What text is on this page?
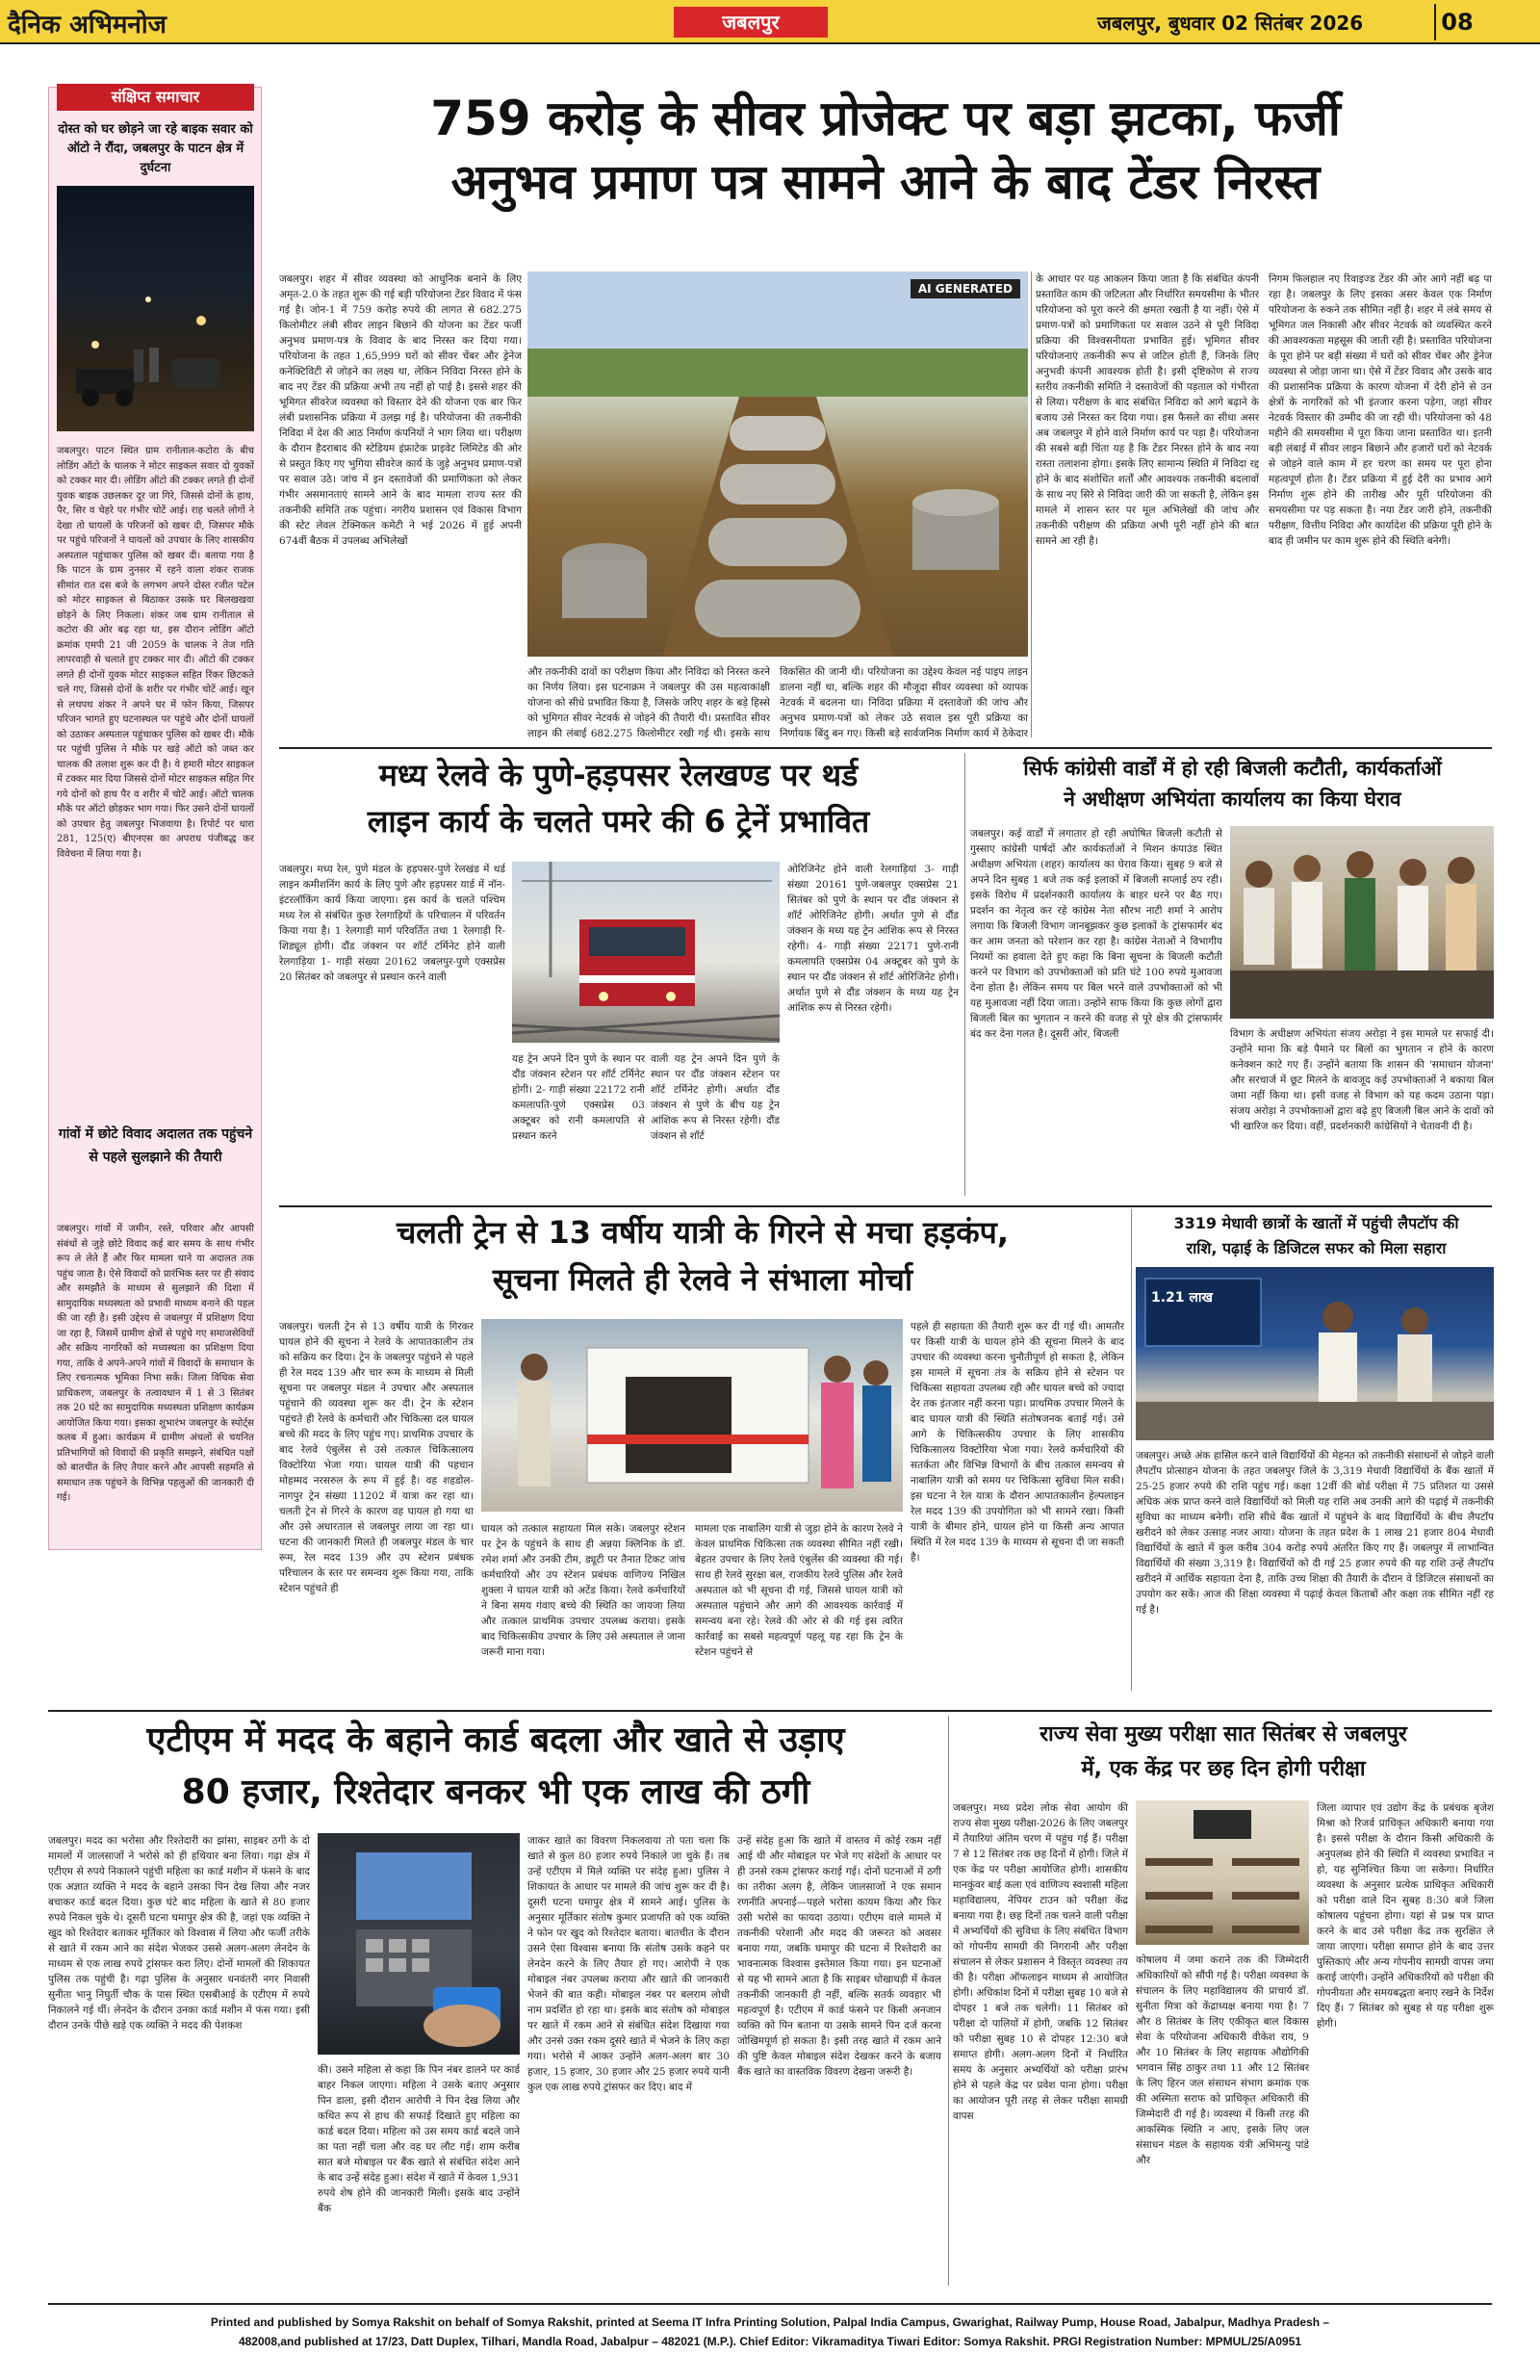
दैनिक अभिमनोज	जबलपुर	जबलपुर, बुधवार 02 सितंबर 2026	08
संक्षिप्त समाचार
दोस्त को घर छोड़ने जा रहे बाइक सवार को ऑटो ने रौंदा, जबलपुर के पाटन क्षेत्र में दुर्घटना
जबलपुर। पाटन स्थित ग्राम रानीताल-कटोरा के बीच लोडिंग ऑटो के चालक ने मोटर साइकल सवार दो युवकों को टक्कर मार दी। लोडिंग ऑटो की टक्कर लगते ही दोनों युवक बाइक उछलकर दूर जा गिरे, जिससे दोनों के हाथ, पैर, सिर व चेहरे पर गंभीर चोटें आई। राह चलते लोगों ने देखा तो घायलों के परिजनों को खबर दी, जिसपर मौके पर पहुंचे परिजनों ने घायलों को उपचार के लिए शासकीय अस्पताल पहुंचाकर पुलिस को खबर दी। बताया गया है कि पाटन के ग्राम नुनसर में रहने वाला शंकर राजक सीमांत रात दस बजे के लगभग अपने दोस्त रजीत पटेल को मोटर साइकल से बिठाकर उसके घर बिलखखवा छोड़ने के लिए निकला। शंकर जब ग्राम रानीताल से कटोरा की ओर बढ़ रहा था, इस दौरान लोडिंग ऑटो क्रमांक एमपी 21 जी 2059 के चालक ने तेज गति लापरवाही से चलाते हुए टक्कर मार दी। ऑटो की टक्कर लगते ही दोनों युवक मोटर साइकल सहित रिंकर छिटकते चले गए, जिससे दोनों के शरीर पर गंभीर चोटें आई। खून से लथपथ शंकर ने अपने घर में फोन किया, जिसपर परिजन भागते हुए घटनास्थल पर पहुंचे और दोनों घायलों को उठाकर अस्पताल पहुंचाकर पुलिस को खबर दी। मौके पर पहुंची पुलिस ने मौके पर खड़े ऑटो को जब्त कर चालक की तलाश शुरू कर दी है। ये हमारी मोटर साइकल में टक्कर मार दिया जिससे दोनों मोटर साइकल सहित गिर गये दोनों को हाथ पैर व शरीर में चोटें आई। ऑटो चालक मौके पर ऑटो छोड़कर भाग गया। फिर उसने दोनों घायलों को उपचार हेतु जबलपुर भिजवाया है। रिपोर्ट पर धारा 281, 125(ए) बीएनएस का अपराध पंजीबद्ध कर विवेचना में लिया गया है।
गांवों में छोटे विवाद अदालत तक पहुंचने से पहले सुलझाने की तैयारी
जबलपुर। गांवों में जमीन, रस्ते, परिवार और आपसी संबंधों से जुड़े छोटे विवाद कई बार समय के साथ गंभीर रूप ले लेते हैं और फिर मामला थाने या अदालत तक पहुंच जाता है। ऐसे विवादों को प्रारंभिक स्तर पर ही संवाद और समझौते के माध्यम से सुलझाने की दिशा में सामुदायिक मध्यस्थता को प्रभावी माध्यम बनाने की पहल की जा रही है। इसी उद्देश्य से जबलपुर में प्रशिक्षण दिया जा रहा है, जिसमें ग्रामीण क्षेत्रों से पहुंचे गए समाजसेवियों और सक्रिय नागरिकों को मध्यस्थता का प्रशिक्षण दिया गया, ताकि वे अपने-अपने गांवों में विवादों के समाधान के लिए रचनात्मक भूमिका निभा सकें। जिला विधिक सेवा प्राधिकरण, जबलपुर के तत्वावधान में 1 से 3 सितंबर तक 20 घंटे का सामुदायिक मध्यस्थता प्रशिक्षण कार्यक्रम आयोजित किया गया। इसका शुभारंभ जबलपुर के स्पोर्ट्स कलब में हुआ। कार्यक्रम में ग्रामीण अंचलों से चयनित प्रतिभागियों को विवादों की प्रकृति समझने, संबंधित पक्षों को बातचीत के लिए तैयार करने और आपसी सहमति से समाधान तक पहुंचने के विभिन्न पहलुओं की जानकारी दी गई।
759 करोड़ के सीवर प्रोजेक्ट पर बड़ा झटका, फर्जी
अनुभव प्रमाण पत्र सामने आने के बाद टेंडर निरस्त
जबलपुर। शहर में सीवर व्यवस्था को आधुनिक बनाने के लिए अमृत-2.0 के तहत शुरू की गई बड़ी परियोजना टेंडर विवाद में फंस गई है। जोन-1 में 759 करोड़ रुपये की लागत से 682.275 किलोमीटर लंबी सीवर लाइन बिछाने की योजना का टेंडर फर्जी अनुभव प्रमाण-पत्र के विवाद के बाद निरस्त कर दिया गया। परियोजना के तहत 1,65,999 घरों को सीवर चेंबर और ड्रेनेज कनेक्टिविटी से जोड़ने का लक्ष्य था, लेकिन निविदा निरस्त होने के बाद नए टेंडर की प्रक्रिया अभी तय नहीं हो पाई है। इससे शहर की भूमिगत सीवरेज व्यवस्था को विस्तार देने की योजना एक बार फिर लंबी प्रशासनिक प्रक्रिया में उलझ गई है। परियोजना की तकनीकी निविदा में देश की आठ निर्माण कंपनियों ने भाग लिया था। परीक्षण के दौरान हैदराबाद की स्टेडियम इंफ्राटेक प्राइवेट लिमिटेड की ओर से प्रस्तुत किए गए भुगिया सीवरेज कार्य के जुड़े अनुभव प्रमाण-पत्रों पर सवाल उठे। जांच में इन दस्तावेजों की प्रमाणिकता को लेकर गंभीर असमानताएं सामने आने के बाद मामला राज्य स्तर की तकनीकी समिति तक पहुंचा। नगरीय प्रशासन एवं विकास विभाग की स्टेट लेवल टेक्निकल कमेटी ने भई 2026 में हुई अपनी 674वीं बैठक में उपलब्ध अभिलेखों
AI GENERATED
और तकनीकी दावों का परीक्षण किया और निविदा को निरस्त करने का निर्णय लिया। इस घटनाक्रम ने जबलपुर की उस महत्वाकांक्षी योजना को सीधे प्रभावित किया है, जिसके जरिए शहर के बड़े हिस्से को भूमिगत सीवर नेटवर्क से जोड़ने की तैयारी थी। प्रस्तावित सीवर लाइन की लंबाई 682.275 किलोमीटर रखी गई थी। इसके साथ
विकसित की जानी थी। परियोजना का उद्देश्य केवल नई पाइप लाइन डालना नहीं था, बल्कि शहर की मौजूदा सीवर व्यवस्था को व्यापक नेटवर्क में बदलना था। निविदा प्रक्रिया में दस्तावेजों की जांच और अनुभव प्रमाण-पत्रों को लेकर उठे सवाल इस पूरी प्रक्रिया का निर्णायक बिंदु बन गए। किसी बड़े सार्वजनिक निर्माण कार्य में ठेकेदार
के आधार पर यह आकलन किया जाता है कि संबंधित कंपनी प्रस्तावित काम की जटिलता और निर्धारित समयसीमा के भीतर परियोजना को पूरा करने की क्षमता रखती है या नहीं। ऐसे में प्रमाण-पत्रों को प्रमाणिकता पर सवाल उठने से पूरी निविदा प्रक्रिया की विश्वसनीयता प्रभावित हुई। भूमिगत सीवर परियोजनाएं तकनीकी रूप से जटिल होती हैं, जिनके लिए अनुभवी कंपनी आवश्यक होती है। इसी दृष्टिकोण से राज्य स्तरीय तकनीकी समिति ने दस्तावेजों की पड़ताल को गंभीरता से लिया। परीक्षण के बाद संबंधित निविदा को आगे बढ़ाने के बजाय उसे निरस्त कर दिया गया। इस फैसले का सीधा असर अब जबलपुर में होने वाले निर्माण कार्य पर पड़ा है। परियोजना की सबसे बड़ी चिंता यह है कि टेंडर निरस्त होने के बाद नया रास्ता तलाशना होगा। इसके लिए सामान्य स्थिति में निविदा रद्द होने के बाद संशोधित शर्तों और आवश्यक तकनीकी बदलावों के साथ नए सिरे से निविदा जारी की जा सकती है, लेकिन इस मामले में शासन स्तर पर मूल अभिलेखों की जांच और तकनीकी परीक्षण की प्रक्रिया अभी पूरी नहीं होने की बात सामने आ रही है।
निगम फिलहाल नए रिवाइज्ड टेंडर की ओर आगे नहीं बढ़ पा रहा है। जबलपुर के लिए इसका असर केवल एक निर्माण परियोजना के रुकने तक सीमित नहीं है। शहर में लंबे समय से भूमिगत जल निकासी और सीवर नेटवर्क को व्यवस्थित करने की आवश्यकता महसूस की जाती रही है। प्रस्तावित परियोजना के पूरा होने पर बड़ी संख्या में घरों को सीवर चेंबर और ड्रेनेज व्यवस्था से जोड़ा जाना था। ऐसे में टेंडर विवाद और उसके बाद की प्रशासनिक प्रक्रिया के कारण योजना में देरी होने से उन क्षेत्रों के नागरिकों को भी इंतजार करना पड़ेगा, जहां सीवर नेटवर्क विस्तार की उम्मीद की जा रही थी। परियोजना को 48 महीने की समयसीमा में पूरा किया जाना प्रस्तावित था। इतनी बड़ी लंबाई में सीवर लाइन बिछाने और हजारों घरों को नेटवर्क से जोड़ने वाले काम में हर चरण का समय पर पूरा होना महत्वपूर्ण होता है। टेंडर प्रक्रिया में हुई देरी का प्रभाव आगे निर्माण शुरू होने की तारीख और पूरी परियोजना की समयसीमा पर पड़ सकता है। नया टेंडर जारी होने, तकनीकी परीक्षण, वित्तीय निविदा और कार्यादेश की प्रक्रिया पूरी होने के बाद ही जमीन पर काम शुरू होने की स्थिति बनेगी।
मध्य रेलवे के पुणे-हड़पसर रेलखण्ड पर थर्ड
लाइन कार्य के चलते पमरे की 6 ट्रेनें प्रभावित
जबलपुर। मध्य रेल, पुणे मंडल के हड़पसर-पुणे रेलखंड में थर्ड लाइन कमीशनिंग कार्य के लिए पुणे और हड़पसर यार्ड में नॉन-इंटरलॉकिंग कार्य किया जाएगा। इस कार्य के चलते पश्चिम मध्य रेल से संबंधित कुछ रेलगाड़ियों के परिचालन में परिवर्तन किया गया है। 1 रेलगाड़ी मार्ग परिवर्तित तथा 1 रेलगाड़ी रि-शिड्यूल होगी। दौंड जंक्शन पर शॉर्ट टर्मिनेट होने वाली रेलगाड़िया 1- गाड़ी संख्या 20162 जबलपुर-पुणे एक्सप्रेस 20 सितंबर को जबलपुर से प्रस्थान करने वाली
यह ट्रेन अपने दिन पुणे के स्थान पर दौंड जंक्शन स्टेशन पर शॉर्ट टर्मिनेट होगी। 2- गाड़ी संख्या 22172 रानी कमलापति-पुणे एक्सप्रेस 03 अक्टूबर को रानी कमलापति से प्रस्थान करने
वाली यह ट्रेन अपने दिन पुणे के स्थान पर दौंड जंक्शन स्टेशन पर शॉर्ट टर्मिनेट होगी। अर्थात दौंड जंक्शन से पुणे के बीच यह ट्रेन आंशिक रूप से निरस्त रहेगी। दौंड जंक्शन से शॉर्ट
ओरिजिनेट होने वाली रेलगाड़ियां 3- गाड़ी संख्या 20161 पुणे-जबलपुर एक्सप्रेस 21 सितंबर को पुणे के स्थान पर दौंड जंक्शन से शॉर्ट ओरिजिनेट होगी। अर्थात पुणे से दौंड जंक्शन के मध्य यह ट्रेन आंशिक रूप से निरस्त रहेगी। 4- गाड़ी संख्या 22171 पुणे-रानी कमलापति एक्सप्रेस 04 अक्टूबर को पुणे के स्थान पर दौंड जंक्शन से शॉर्ट ओरिजिनेट होगी। अर्थात पुणे से दौंड जंक्शन के मध्य यह ट्रेन आंशिक रूप से निरस्त रहेगी।
सिर्फ कांग्रेसी वार्डों में हो रही बिजली कटौती, कार्यकर्ताओं
ने अधीक्षण अभियंता कार्यालय का किया घेराव
जबलपुर। कई वार्डों में लगातार हो रही अघोषित बिजली कटौती से गुस्साए कांग्रेसी पार्षदों और कार्यकर्ताओं ने मिशन कंपाउंड स्थित अधीक्षण अभियंता (शहर) कार्यालय का घेराव किया। सुबह 9 बजे से अपने दिन सुबह 1 बजे तक कई इलाकों में बिजली सप्लाई ठप रही। इसके विरोध में प्रदर्शनकारी कार्यालय के बाहर धरने पर बैठ गए। प्रदर्शन का नेतृत्व कर रहे कांग्रेस नेता सौरभ नाटी शर्मा ने आरोप लगाया कि बिजली विभाग जानबूझकर कुछ इलाकों के ट्रांसफार्मर बंद कर आम जनता को परेशान कर रहा है। कांग्रेस नेताओं ने विभागीय नियमों का हवाला देते हुए कहा कि बिना सूचना के बिजली कटौती करने पर विभाग को उपभोक्ताओं को प्रति घंटे 100 रुपये मुआवजा देना होता है। लेकिन समय पर बिल भरने वाले उपभोक्ताओं को भी यह मुआवजा नहीं दिया जाता। उन्होंने साफ किया कि कुछ लोगों द्वारा बिजली बिल का भुगतान न करने की वजह से पूरे क्षेत्र की ट्रांसफार्मर बंद कर देना गलत है। दूसरी ओर, बिजली	विभाग के अधीक्षण अभियंता संजय अरोड़ा ने इस मामले पर सफाई दी। उन्होंने माना कि बड़े पैमाने पर बिलों का भुगतान न होने के कारण कनेक्शन काटे गए हैं। उन्होंने बताया कि शासन की 'समाधान योजना' और सरचार्ज में छूट मिलने के बावजूद कई उपभोक्ताओं ने बकाया बिल जमा नहीं किया था। इसी वजह से विभाग को यह कदम उठाना पड़ा। संजय अरोड़ा ने उपभोक्ताओं द्वारा बढ़े हुए बिजली बिल आने के दावों को भी खारिज कर दिया। वहीं, प्रदर्शनकारी कांग्रेसियों ने चेतावनी दी है।
चलती ट्रेन से 13 वर्षीय यात्री के गिरने से मचा हड़कंप,
सूचना मिलते ही रेलवे ने संभाला मोर्चा
जबलपुर। चलती ट्रेन से 13 वर्षीय यात्री के गिरकर घायल होने की सूचना ने रेलवे के आपातकालीन तंत्र को सक्रिय कर दिया। ट्रेन के जबलपुर पहुंचने से पहले ही रेल मदद 139 और चार रूम के माध्यम से मिली सूचना पर जबलपुर मंडल ने उपचार और अस्पताल पहुंचाने की व्यवस्था शुरू कर दी। ट्रेन के स्टेशन पहुंचते ही रेलवे के कर्मचारी और चिकित्सा दल घायल बच्चे की मदद के लिए पहुंच गए। प्राथमिक उपचार के बाद रेलवे एंबुलेंस से उसे तत्काल चिकित्सालय विक्टोरिया भेजा गया। घायल यात्री की पहचान मोहम्मद नरसरुल के रूप में हुई है। वह शहडोल-नागपुर ट्रेन संख्या 11202 में यात्रा कर रहा था। चलती ट्रेन से गिरने के कारण वह घायल हो गया था और उसे अधारताल से जबलपुर लाया जा रहा था। घटना की जानकारी मिलते ही जबलपुर मंडल के चार रूम, रेल मदद 139 और उप स्टेशन प्रबंधक परिचालन के स्तर पर समन्वय शुरू किया गया, ताकि स्टेशन पहुंचते ही
घायल को तत्काल सहायता मिल सके। जबलपुर स्टेशन पर ट्रेन के पहुंचने के साथ ही अन्नया क्लिनिक के डॉ. रमेश शर्मा और उनकी टीम, ड्यूटी पर तैनात टिकट जांच कर्मचारियों और उप स्टेशन प्रबंधक वाणिज्य निखिल शुक्ला ने घायल यात्री को अटेंड किया। रेलवे कर्मचारियों ने बिना समय गंवाए बच्चे की स्थिति का जायजा लिया और तत्काल प्राथमिक उपचार उपलब्ध कराया। इसके बाद चिकित्सकीय उपचार के लिए उसे अस्पताल ले जाना जरूरी माना गया।
मामला एक नाबालिग यात्री से जुड़ा होने के कारण रेलवे ने केवल प्राथमिक चिकित्सा तक व्यवस्था सीमित नहीं रखी। बेहतर उपचार के लिए रेलवे एंबुलेंस की व्यवस्था की गई। साथ ही रेलवे सुरक्षा बल, राजकीय रेलवे पुलिस और रेलवे अस्पताल को भी सूचना दी गई, जिससे घायल यात्री को अस्पताल पहुंचाने और आगे की आवश्यक कार्रवाई में समन्वय बना रहे। रेलवे की ओर से की गई इस त्वरित कार्रवाई का सबसे महत्वपूर्ण पहलू यह रहा कि ट्रेन के स्टेशन पहुंचने से
पहले ही सहायता की तैयारी शुरू कर दी गई थी। आमतौर पर किसी यात्री के घायल होने की सूचना मिलने के बाद उपचार की व्यवस्था करना चुनौतीपूर्ण हो सकता है, लेकिन इस मामले में सूचना तंत्र के सक्रिय होने से स्टेशन पर चिकित्सा सहायता उपलब्ध रही और घायल बच्चे को ज्यादा देर तक इंतजार नहीं करना पड़ा। प्राथमिक उपचार मिलने के बाद घायल यात्री की स्थिति संतोषजनक बताई गई। उसे आगे के चिकित्सकीय उपचार के लिए शासकीय चिकित्सालय विक्टोरिया भेजा गया। रेलवे कर्मचारियों की सतर्कता और विभिन्न विभागों के बीच तत्काल समन्वय से नाबालिग यात्री को समय पर चिकित्सा सुविधा मिल सकी। इस घटना ने रेल यात्रा के दौरान आपातकालीन हेल्पलाइन रेल मदद 139 की उपयोगिता को भी सामने रखा। किसी यात्री के बीमार होने, घायल होने या किसी अन्य आपात स्थिति में रेल मदद 139 के माध्यम से सूचना दी जा सकती है।
3319 मेधावी छात्रों के खातों में पहुंची लैपटॉप की
राशि, पढ़ाई के डिजिटल सफर को मिला सहारा
1.21 लाख
जबलपुर। अच्छे अंक हासिल करने वाले विद्यार्थियों की मेहनत को तकनीकी संसाधनों से जोड़ने वाली लैपटॉप प्रोत्साहन योजना के तहत जबलपुर जिले के 3,319 मेधावी विद्यार्थियों के बैंक खातों में 25-25 हजार रुपये की राशि पहुंच गई। कक्षा 12वीं की बोर्ड परीक्षा में 75 प्रतिशत या उससे अधिक अंक प्राप्त करने वाले विद्यार्थियों को मिली यह राशि अब उनकी आगे की पढ़ाई में तकनीकी सुविधा का माध्यम बनेगी। राशि सीधे बैंक खातों में पहुंचने के बाद विद्यार्थियों के बीच लैपटॉप खरीदने को लेकर उत्साह नजर आया। योजना के तहत प्रदेश के 1 लाख 21 हजार 804 मेधावी विद्यार्थियों के खाते में कुल करीब 304 करोड़ रुपये अंतरित किए गए हैं। जबलपुर में लाभान्वित विद्यार्थियों की संख्या 3,319 है। विद्यार्थियों को दी गई 25 हजार रुपये की यह राशि उन्हें लैपटॉप खरीदने में आर्थिक सहायता देना है, ताकि उच्च शिक्षा की तैयारी के दौरान वे डिजिटल संसाधनों का उपयोग कर सकें। आज की शिक्षा व्यवस्था में पढ़ाई केवल किताबों और कक्षा तक सीमित नहीं रह गई है।
एटीएम में मदद के बहाने कार्ड बदला और खाते से उड़ाए
80 हजार, रिश्तेदार बनकर भी एक लाख की ठगी
जबलपुर। मदद का भरोसा और रिश्तेदारी का झांसा, साइबर ठगी के दो मामलों में जालसाजों ने भरोसे को ही हथियार बना लिया। गढ़ा क्षेत्र में एटीएम से रुपये निकालने पहुंची महिला का कार्ड मशीन में फंसने के बाद एक अज्ञात व्यक्ति ने मदद के बहाने उसका पिन देख लिया और नजर बचाकर कार्ड बदल दिया। कुछ घंटे बाद महिला के खाते से 80 हजार रुपये निकल चुके थे। दूसरी घटना घमापुर क्षेत्र की है, जहां एक व्यक्ति ने खुद को रिश्तेदार बताकर मूर्तिकार को विश्वास में लिया और फर्जी तरीके से खाते में रकम आने का संदेश भेजकर उससे अलग-अलग लेनदेन के माध्यम से एक लाख रुपये ट्रांसफर करा लिए। दोनों मामलों की शिकायत पुलिस तक पहुंची है। गढ़ा पुलिस के अनुसार धनवंतरी नगर निवासी सुनीता भानु निघुर्ती चौक के पास स्थित एसबीआई के एटीएम में रुपये निकालने गई थीं। लेनदेन के दौरान उनका कार्ड मशीन में फंस गया। इसी दौरान उनके पीछे खड़े एक व्यक्ति ने मदद की पेशकश
की। उसने महिला से कहा कि पिन नंबर डालने पर कार्ड बाहर निकल जाएगा। महिला ने उसके बताए अनुसार पिन डाला, इसी दौरान आरोपी ने पिन देख लिया और कथित रूप से हाथ की सफाई दिखाते हुए महिला का कार्ड बदल दिया। महिला को उस समय कार्ड बदले जाने का पता नहीं चला और वह घर लौट गई। शाम करीब सात बजे मोबाइल पर बैंक खाते से संबंधित संदेश आने के बाद उन्हें संदेह हुआ। संदेश में खाते में केवल 1,931 रुपये शेष होने की जानकारी मिली। इसके बाद उन्होंने बैंक
जाकर खाते का विवरण निकलवाया तो पता चला कि खाते से कुल 80 हजार रुपये निकाले जा चुके हैं। तब उन्हें एटीएम में मिले व्यक्ति पर संदेह हुआ। पुलिस ने शिकायत के आधार पर मामले की जांच शुरू कर दी है। दूसरी घटना घमापुर क्षेत्र में सामने आई। पुलिस के अनुसार मूर्तिकार संतोष कुमार प्रजापति को एक व्यक्ति ने फोन पर खुद को रिश्तेदार बताया। बातचीत के दौरान उसने ऐसा विश्वास बनाया कि संतोष उसके कहने पर लेनदेन करने के लिए तैयार हो गए। आरोपी ने एक मोबाइल नंबर उपलब्ध कराया और खाते की जानकारी भेजने की बात कही। मोबाइल नंबर पर बलराम लोधी नाम प्रदर्शित हो रहा था। इसके बाद संतोष को मोबाइल पर खाते में रकम आने से संबंधित संदेश दिखाया गया और उनसे उक्त रकम दूसरे खाते में भेजने के लिए कहा गया। भरोसे में आकर उन्होंने अलग-अलग बार 30 हजार, 15 हजार, 30 हजार और 25 हजार रुपये यानी कुल एक लाख रुपये ट्रांसफर कर दिए। बाद में
उन्हें संदेह हुआ कि खाते में वास्तव में कोई रकम नहीं आई थी और मोबाइल पर भेजे गए संदेशों के आधार पर ही उनसे रकम ट्रांसफर कराई गई। दोनों घटनाओं में ठगी का तरीका अलग है, लेकिन जालसाजों ने एक समान रणनीति अपनाई—पहले भरोसा कायम किया और फिर उसी भरोसे का फायदा उठाया। एटीएम वाले मामले में तकनीकी परेशानी और मदद की जरूरत को अवसर बनाया गया, जबकि घमापुर की घटना में रिश्तेदारी का भावनात्मक विश्वास इस्तेमाल किया गया। इन घटनाओं से यह भी सामने आता है कि साइबर धोखाधड़ी में केवल तकनीकी जानकारी ही नहीं, बल्कि सतर्क व्यवहार भी महत्वपूर्ण है। एटीएम में कार्ड फंसने पर किसी अनजान व्यक्ति को पिन बताना या उसके सामने पिन दर्ज करना जोखिमपूर्ण हो सकता है। इसी तरह खाते में रकम आने की पुष्टि केवल मोबाइल संदेश देखकर करने के बजाय बैंक खाते का वास्तविक विवरण देखना जरूरी है।
राज्य सेवा मुख्य परीक्षा सात सितंबर से जबलपुर
में, एक केंद्र पर छह दिन होगी परीक्षा
जबलपुर। मध्य प्रदेश लोक सेवा आयोग की राज्य सेवा मुख्य परीक्षा-2026 के लिए जबलपुर में तैयारियां अंतिम चरण में पहुंच गई हैं। परीक्षा 7 से 12 सितंबर तक छह दिनों में होगी। जिले में एक केंद्र पर परीक्षा आयोजित होगी। शासकीय मानकुंवर बाई कला एवं वाणिज्य स्वशासी महिला महाविद्यालय, नेपियर टाउन को परीक्षा केंद्र बनाया गया है। छह दिनों तक चलने वाली परीक्षा में अभ्यर्थियों की सुविधा के लिए संबंधित विभाग को गोपनीय सामग्री की निगरानी और परीक्षा संचालन से लेकर प्रशासन ने विस्तृत व्यवस्था तय की है। परीक्षा ऑफलाइन माध्यम से आयोजित होगी। अधिकांश दिनों में परीक्षा सुबह 10 बजे से दोपहर 1 बजे तक चलेगी। 11 सितंबर को परीक्षा दो पालियों में होगी, जबकि 12 सितंबर को परीक्षा सुबह 10 से दोपहर 12:30 बजे समाप्त होगी। अलग-अलग दिनों में निर्धारित समय के अनुसार अभ्यर्थियों को परीक्षा प्रारंभ होने से पहले केंद्र पर प्रवेश पाना होगा। परीक्षा का आयोजन पूरी तरह से लेकर परीक्षा सामग्री वापस
कोषालय में जमा कराने तक की जिम्मेदारी अधिकारियों को सौंपी गई है। परीक्षा व्यवस्था के संचालन के लिए महाविद्यालय की प्राचार्य डॉ. सुनीता मित्रा को केंद्राध्यक्ष बनाया गया है। 7 और 8 सितंबर के लिए एकीकृत बाल विकास सेवा के परियोजना अधिकारी वीकेश राय, 9 और 10 सितंबर के लिए सहायक औद्योगिकी भगवान सिंह ठाकुर तथा 11 और 12 सितंबर के लिए हिरन जल संसाधन संभाग क्रमांक एक की अस्मिता सराफ को प्राधिकृत अधिकारी की जिम्मेदारी दी गई है। व्यवस्था में किसी तरह की आकस्मिक स्थिति न आए, इसके लिए जल संसाधन मंडल के सहायक यंत्री अभिमन्यु पांडे और
जिला व्यापार एवं उद्योग केंद्र के प्रबंधक बृजेश मिश्रा को रिजर्व प्राधिकृत अधिकारी बनाया गया है। इससे परीक्षा के दौरान किसी अधिकारी के अनुपलब्ध होने की स्थिति में व्यवस्था प्रभावित न हो, यह सुनिश्चित किया जा सकेगा। निर्धारित व्यवस्था के अनुसार प्रत्येक प्राधिकृत अधिकारी को परीक्षा वाले दिन सुबह 8:30 बजे जिला कोषालय पहुंचना होगा। यहां से प्रश्न पत्र प्राप्त करने के बाद उसे परीक्षा केंद्र तक सुरक्षित ले जाया जाएगा। परीक्षा समाप्त होने के बाद उत्तर पुस्तिकाएं और अन्य गोपनीय सामग्री वापस जमा कराई जाएंगी। उन्होंने अधिकारियों को परीक्षा की गोपनीयता और समयबद्धता बनाए रखने के निर्देश दिए हैं। 7 सितंबर को सुबह से यह परीक्षा शुरू होगी।
Printed and published by Somya Rakshit on behalf of Somya Rakshit, printed at Seema IT Infra Printing Solution, Palpal India Campus, Gwarighat, Railway Pump, House Road, Jabalpur, Madhya Pradesh –
482008,and published at 17/23, Datt Duplex, Tilhari, Mandla Road, Jabalpur – 482021 (M.P.). Chief Editor: Vikramaditya Tiwari Editor: Somya Rakshit. PRGI Registration Number: MPMUL/25/A0951
